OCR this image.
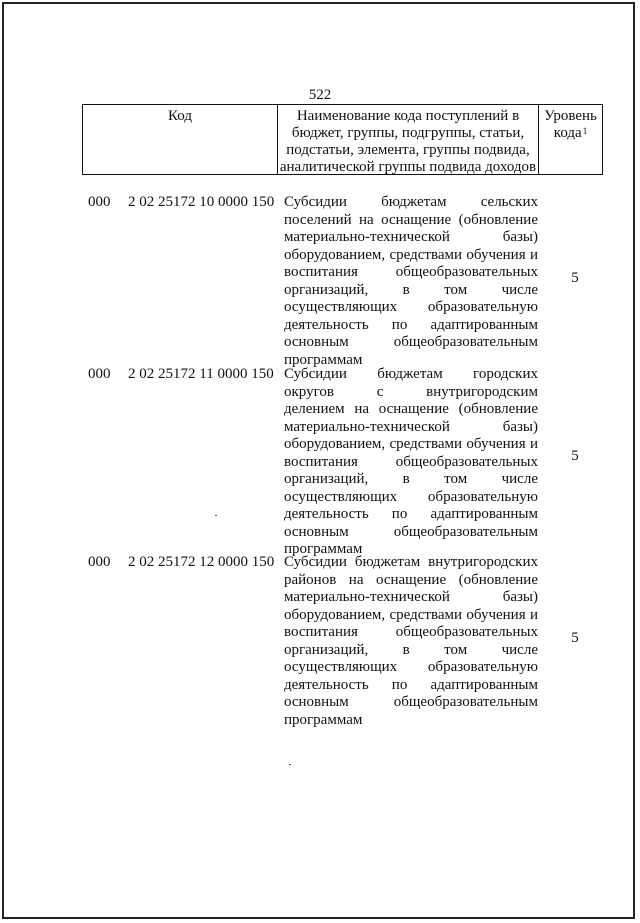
522
Код	Наименование кода поступлений в
бюджет, группы, подгруппы, статьи,
подстатьи, элемента, группы подвида,
аналитической группы подвида доходов
Уровень
кода$^1$
000 2 02 25172 10 0000 150 Субсидии бюджетам сельских
поселений на оснащение (обновление
материально-технической базы)
оборудованием, средствами обучения и
воспитания общеобразовательных
организаций, в том числе
осуществляющих образовательную
деятельность по адаптированным
основным общеобразовательным
программам
5
000 2 02 25172 11 0000 150 Субсидии бюджетам городских
округов с внутригородским
делением на оснащение (обновление
материально-технической базы)
оборудованием, средствами обучения и
воспитания общеобразовательных
организаций, в том числе
осуществляющих образовательную
деятельность по адаптированным
основным общеобразовательным
программам
5
000 2 02 25172 12 0000 150 Субсидии бюджетам внутригородских
районов на оснащение (обновление
материально-технической базы)
оборудованием, средствами обучения и
воспитания общеобразовательных
организаций, в том числе
осуществляющих образовательную
деятельность по адаптированным
основным общеобразовательным
программам
5
